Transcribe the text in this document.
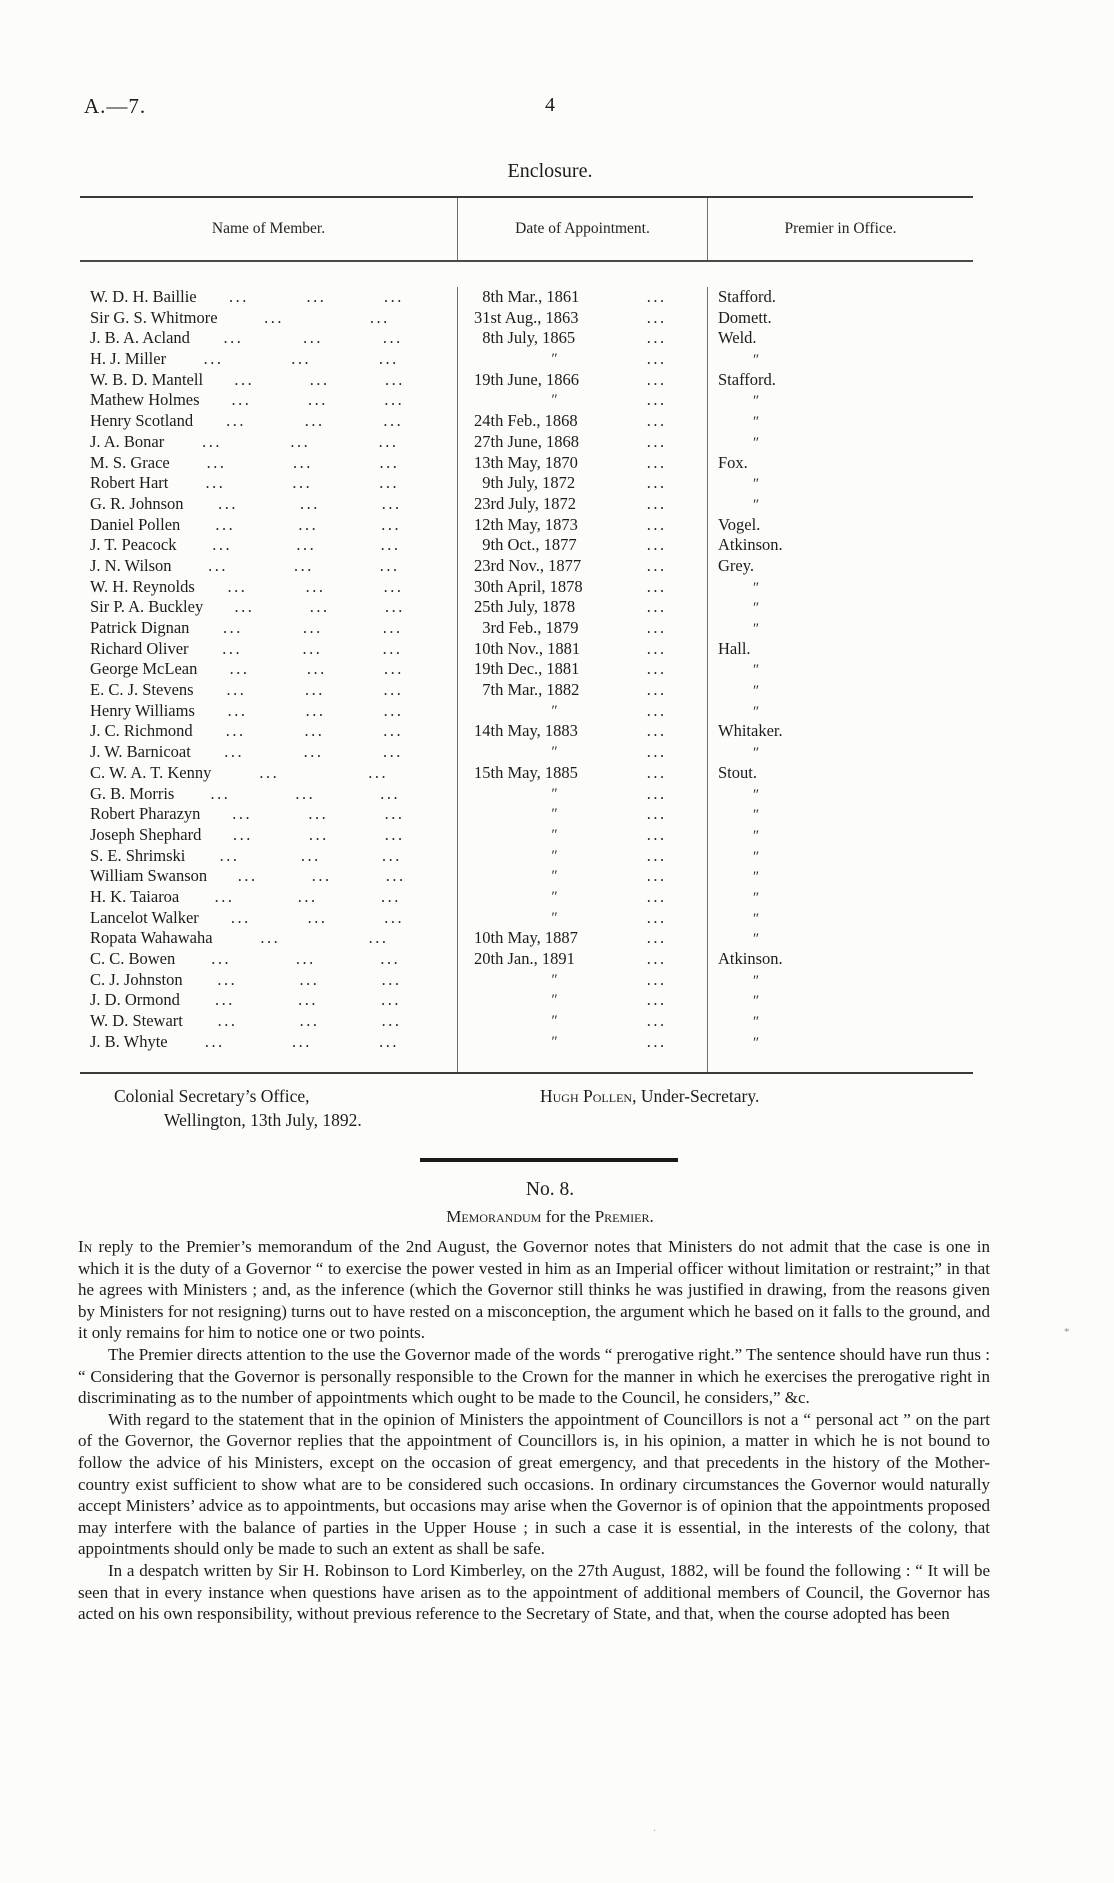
A.—7.	4
Enclosure.
Name of Member.	Date of Appointment.	Premier in Office.
W. D. H. Baillie ...	...	...	8th Mar., 1861	...	Stafford.
Sir G. S. Whitmore	...	...	31st Aug., 1863	...	Domett.
J. B. A. Acland ...	...	...	8th July, 1865	...	Weld.
H. J. Miller ...	...	...	″	...	″
W. B. D. Mantell ...	...	...	19th June, 1866	...	Stafford.
Mathew Holmes ...	...	...	″	...	″
Henry Scotland ...	...	...	24th Feb., 1868	...	″
J. A. Bonar ...	...	...	27th June, 1868	...	″
M. S. Grace ...	...	...	13th May, 1870	...	Fox.
Robert Hart ...	...	...	9th July, 1872	...	″
G. R. Johnson ...	...	...	23rd July, 1872	...	″
Daniel Pollen ...	...	...	12th May, 1873	...	Vogel.
J. T. Peacock ...	...	...	9th Oct., 1877	...	Atkinson.
J. N. Wilson ...	...	...	23rd Nov., 1877	...	Grey.
W. H. Reynolds ...	...	...	30th April, 1878	...	″
Sir P. A. Buckley ...	...	...	25th July, 1878	...	″
Patrick Dignan ...	...	...	3rd Feb., 1879	...	″
Richard Oliver ...	...	...	10th Nov., 1881	...	Hall.
George McLean ...	...	...	19th Dec., 1881	...	″
E. C. J. Stevens ...	...	...	7th Mar., 1882	...	″
Henry Williams ...	...	...	″	...	″
J. C. Richmond ...	...	...	14th May, 1883	...	Whitaker.
J. W. Barnicoat ...	...	...	″	...	″
C. W. A. T. Kenny	...	...	15th May, 1885	...	Stout.
G. B. Morris ...	...	...	″	...	″
Robert Pharazyn ...	...	...	″	...	″
Joseph Shephard ...	...	...	″	...	″
S. E. Shrimski ...	...	...	″	...	″
William Swanson ...	...	...	″	...	″
H. K. Taiaroa ...	...	...	″	...	″
Lancelot Walker ...	...	...	″	...	″
Ropata Wahawaha	...	...	10th May, 1887	...	″
C. C. Bowen ...	...	...	20th Jan., 1891	...	Atkinson.
C. J. Johnston ...	...	...	″	...	″
J. D. Ormond ...	...	...	″	...	″
W. D. Stewart ...	...	...	″	...	″
J. B. Whyte ...	...	...	″	...	″
Colonial Secretary’s Office,
Wellington, 13th July, 1892.
Hugh Pollen, Under-Secretary.
No. 8.
Memorandum for the Premier.

In reply to the Premier’s memorandum of the 2nd August, the Governor notes that Ministers do not admit that the case is one in which it is the duty of a Governor “ to exercise the power vested in him as an Imperial officer without limitation or restraint;” in that he agrees with Ministers ; and, as the inference (which the Governor still thinks he was justified in drawing, from the reasons given by Ministers for not resigning) turns out to have rested on a misconception, the argument which he based on it falls to the ground, and it only remains for him to notice one or two points.

The Premier directs attention to the use the Governor made of the words “ prerogative right.” The sentence should have run thus : “ Considering that the Governor is personally responsible to the Crown for the manner in which he exercises the prerogative right in discriminating as to the number of appointments which ought to be made to the Council, he considers,” &c.

With regard to the statement that in the opinion of Ministers the appointment of Councillors is not a “ personal act ” on the part of the Governor, the Governor replies that the appointment of Councillors is, in his opinion, a matter in which he is not bound to follow the advice of his Ministers, except on the occasion of great emergency, and that precedents in the history of the Mother-country exist sufficient to show what are to be considered such occasions. In ordinary circumstances the Governor would naturally accept Ministers’ advice as to appointments, but occasions may arise when the Governor is of opinion that the appointments proposed may interfere with the balance of parties in the Upper House ; in such a case it is essential, in the interests of the colony, that appointments should only be made to such an extent as shall be safe.

In a despatch written by Sir H. Robinson to Lord Kimberley, on the 27th August, 1882, will be found the following : “ It will be seen that in every instance when questions have arisen as to the appointment of additional members of Council, the Governor has acted on his own responsibility, without previous reference to the Secretary of State, and that, when the course adopted has been

*
·
